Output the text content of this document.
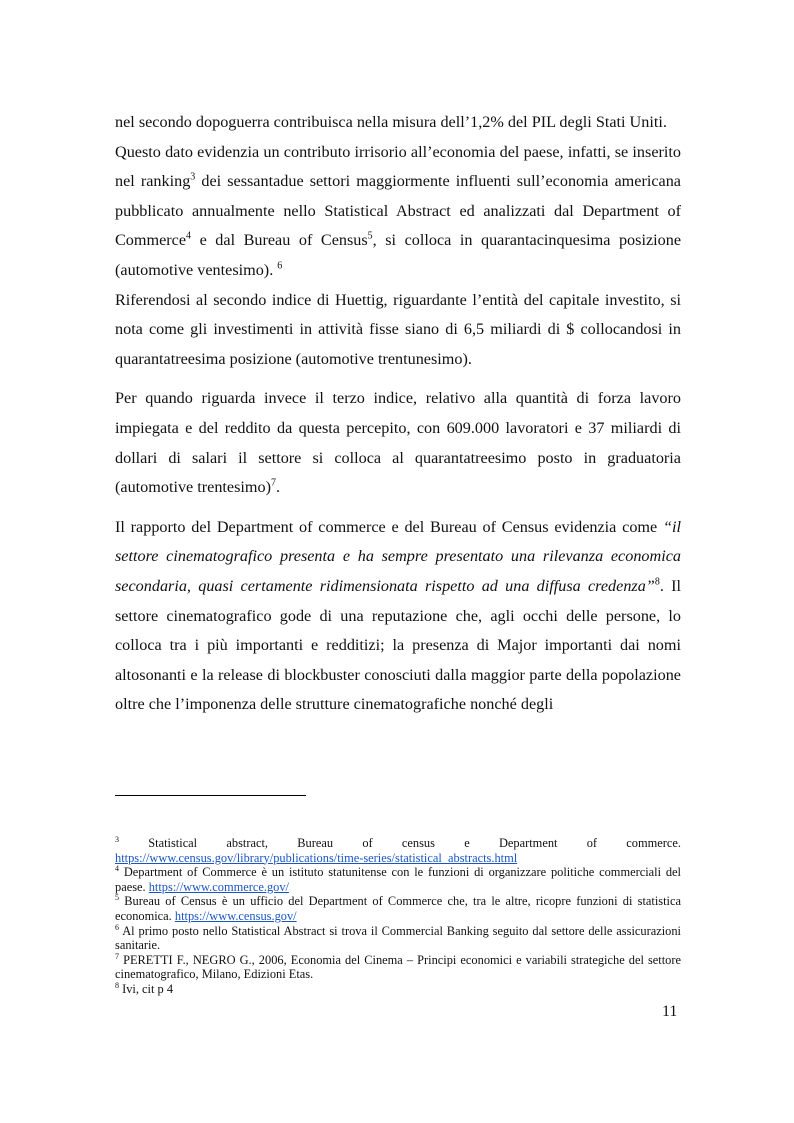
nel secondo dopoguerra contribuisca nella misura dell’1,2% del PIL degli Stati Uniti.

Questo dato evidenzia un contributo irrisorio all’economia del paese, infatti, se inserito nel ranking$^3$ dei sessantadue settori maggiormente influenti sull’economia americana pubblicato annualmente nello Statistical Abstract ed analizzati dal Department of Commerce$^4$ e dal Bureau of Census$^5$, si colloca in quarantacinquesima posizione (automotive ventesimo). $^6$

Riferendosi al secondo indice di Huettig, riguardante l’entità del capitale investito, si nota come gli investimenti in attività fisse siano di 6,5 miliardi di $ collocandosi in quarantatreesima posizione (automotive trentunesimo).

Per quando riguarda invece il terzo indice, relativo alla quantità di forza lavoro impiegata e del reddito da questa percepito, con 609.000 lavoratori e 37 miliardi di dollari di salari il settore si colloca al quarantatreesimo posto in graduatoria (automotive trentesimo)$^7$.

Il rapporto del Department of commerce e del Bureau of Census evidenzia come “il settore cinematografico presenta e ha sempre presentato una rilevanza economica secondaria, quasi certamente ridimensionata rispetto ad una diffusa credenza”$^8$. Il settore cinematografico gode di una reputazione che, agli occhi delle persone, lo colloca tra i più importanti e redditizi; la presenza di Major importanti dai nomi altosonanti e la release di blockbuster conosciuti dalla maggior parte della popolazione oltre che l’imponenza delle strutture cinematografiche nonché degli

$^3$ Statistical abstract, Bureau of census e Department of commerce.

https://www.census.gov/library/publications/time-series/statistical_abstracts.html

$^4$ Department of Commerce è un istituto statunitense con le funzioni di organizzare politiche commerciali del paese. https://www.commerce.gov/

$^5$ Bureau of Census è un ufficio del Department of Commerce che, tra le altre, ricopre funzioni di statistica economica. https://www.census.gov/

$^6$ Al primo posto nello Statistical Abstract si trova il Commercial Banking seguito dal settore delle assicurazioni sanitarie.

$^7$ PERETTI F., NEGRO G., 2006, Economia del Cinema – Principi economici e variabili strategiche del settore cinematografico, Milano, Edizioni Etas.

$^8$ Ivi, cit p 4

11
